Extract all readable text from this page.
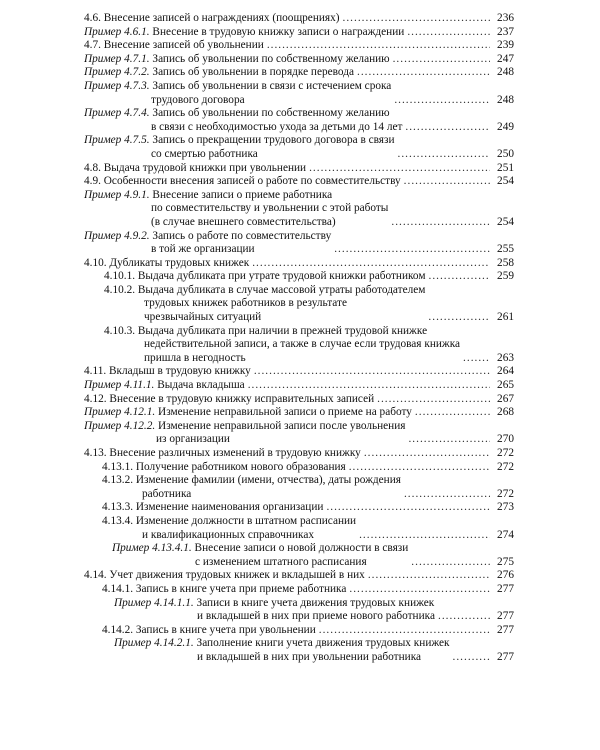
4.6. Внесение записей о награждениях (поощрениях) .....	236
Пример 4.6.1. Внесение в трудовую книжку записи о награждении .....	237
4.7. Внесение записей об увольнении .....	239
Пример 4.7.1. Запись об увольнении по собственному желанию .....	247
Пример 4.7.2. Запись об увольнении в порядке перевода .....	248
Пример 4.7.3. Запись об увольнении в связи с истечением срока
трудового договора .....	248
Пример 4.7.4. Запись об увольнении по собственному желанию
в связи с необходимостью ухода за детьми до 14 лет .....	249
Пример 4.7.5. Запись о прекращении трудового договора в связи
со смертью работника .....	250
4.8. Выдача трудовой книжки при увольнении .....	251
4.9. Особенности внесения записей о работе по совместительству .....	254
Пример 4.9.1. Внесение записи о приеме работника
по совместительству и увольнении с этой работы
(в случае внешнего совместительства) .....	254
Пример 4.9.2. Запись о работе по совместительству
в той же организации .....	255
4.10. Дубликаты трудовых книжек .....	258
4.10.1. Выдача дубликата при утрате трудовой книжки работником .....	259
4.10.2. Выдача дубликата в случае массовой утраты работодателем
трудовых книжек работников в результате
чрезвычайных ситуаций .....	261
4.10.3. Выдача дубликата при наличии в прежней трудовой книжке
недействительной записи, а также в случае если трудовая книжка
пришла в негодность .....	263
4.11. Вкладыш в трудовую книжку .....	264
Пример 4.11.1. Выдача вкладыша .....	265
4.12. Внесение в трудовую книжку исправительных записей .....	267
Пример 4.12.1. Изменение неправильной записи о приеме на работу .....	268
Пример 4.12.2. Изменение неправильной записи после увольнения
из организации .....	270
4.13. Внесение различных изменений в трудовую книжку .....	272
4.13.1. Получение работником нового образования .....	272
4.13.2. Изменение фамилии (имени, отчества), даты рождения
работника .....	272
4.13.3. Изменение наименования организации .....	273
4.13.4. Изменение должности в штатном расписании
и квалификационных справочниках .....	274
Пример 4.13.4.1. Внесение записи о новой должности в связи
с изменением штатного расписания .....	275
4.14. Учет движения трудовых книжек и вкладышей в них .....	276
4.14.1. Запись в книге учета при приеме работника .....	277
Пример 4.14.1.1. Записи в книге учета движения трудовых книжек
и вкладышей в них при приеме нового работника .....	277
4.14.2. Запись в книге учета при увольнении .....	277
Пример 4.14.2.1. Заполнение книги учета движения трудовых книжек
и вкладышей в них при увольнении работника .....	277
